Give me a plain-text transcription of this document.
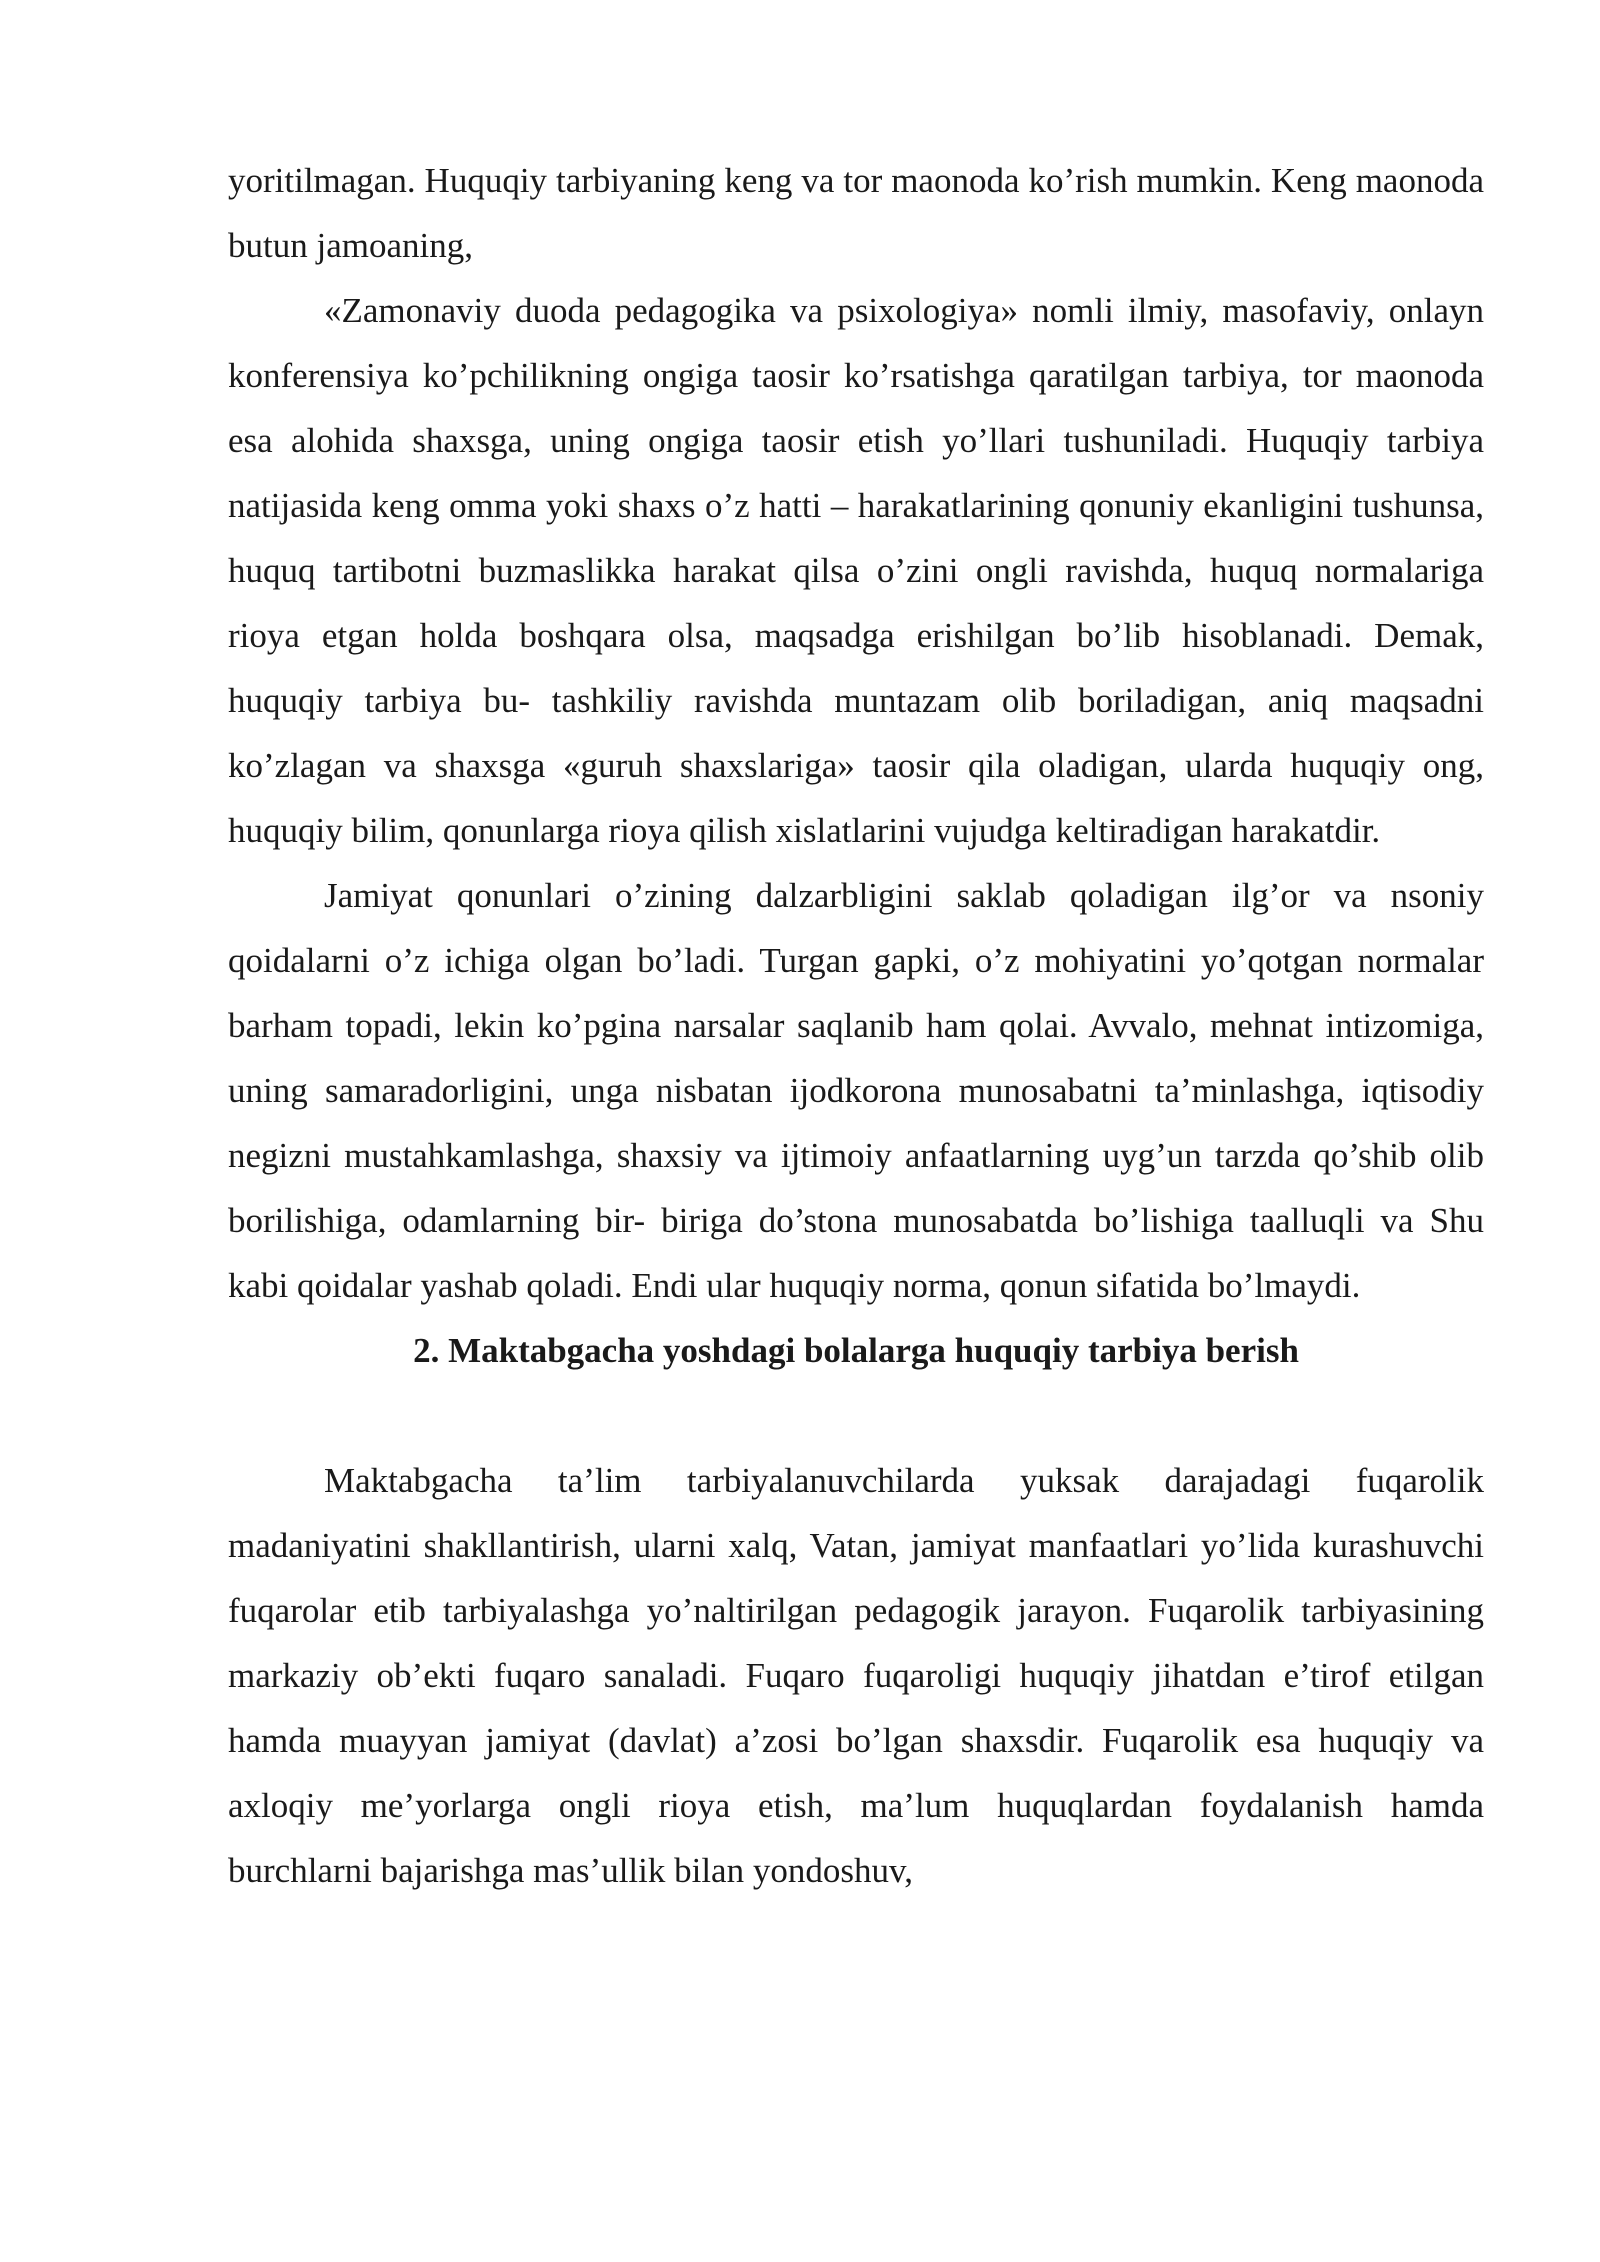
yoritilmagan. Huquqiy tarbiyaning keng va tor maonoda ko’rish mumkin. Keng maonoda butun jamoaning,

«Zamonaviy duoda pedagogika va psixologiya» nomli ilmiy, masofaviy, onlayn konferensiya ko’pchilikning ongiga taosir ko’rsatishga qaratilgan tarbiya, tor maonoda esa alohida shaxsga, uning ongiga taosir etish yo’llari tushuniladi. Huquqiy tarbiya natijasida keng omma yoki shaxs o’z hatti – harakatlarining qonuniy ekanligini tushunsa, huquq tartibotni buzmaslikka harakat qilsa o’zini ongli ravishda, huquq normalariga rioya etgan holda boshqara olsa, maqsadga erishilgan bo’lib hisoblanadi. Demak, huquqiy tarbiya bu- tashkiliy ravishda muntazam olib boriladigan, aniq maqsadni ko’zlagan va shaxsga «guruh shaxslariga» taosir qila oladigan, ularda huquqiy ong, huquqiy bilim, qonunlarga rioya qilish xislatlarini vujudga keltiradigan harakatdir.

Jamiyat qonunlari o’zining dalzarbligini saklab qoladigan ilg’or va nsoniy qoidalarni o’z ichiga olgan bo’ladi. Turgan gapki, o’z mohiyatini yo’qotgan normalar barham topadi, lekin ko’pgina narsalar saqlanib ham qolai. Avvalo, mehnat intizomiga, uning samaradorligini, unga nisbatan ijodkorona munosabatni ta’minlashga, iqtisodiy negizni mustahkamlashga, shaxsiy va ijtimoiy anfaatlarning uyg’un tarzda qo’shib olib borilishiga, odamlarning bir- biriga do’stona munosabatda bo’lishiga taalluqli va Shu kabi qoidalar yashab qoladi. Endi ular huquqiy norma, qonun sifatida bo’lmaydi.

2. Maktabgacha yoshdagi bolalarga huquqiy tarbiya berish

Maktabgacha ta’lim tarbiyalanuvchilarda yuksak darajadagi fuqarolik madaniyatini shakllantirish, ularni xalq, Vatan, jamiyat manfaatlari yo’lida kurashuvchi fuqarolar etib tarbiyalashga yo’naltirilgan pedagogik jarayon. Fuqarolik tarbiyasining markaziy ob’ekti fuqaro sanaladi. Fuqaro fuqaroligi huquqiy jihatdan e’tirof etilgan hamda muayyan jamiyat (davlat) a’zosi bo’lgan shaxsdir. Fuqarolik esa huquqiy va axloqiy me’yorlarga ongli rioya etish, ma’lum huquqlardan foydalanish hamda burchlarni bajarishga mas’ullik bilan yondoshuv,
